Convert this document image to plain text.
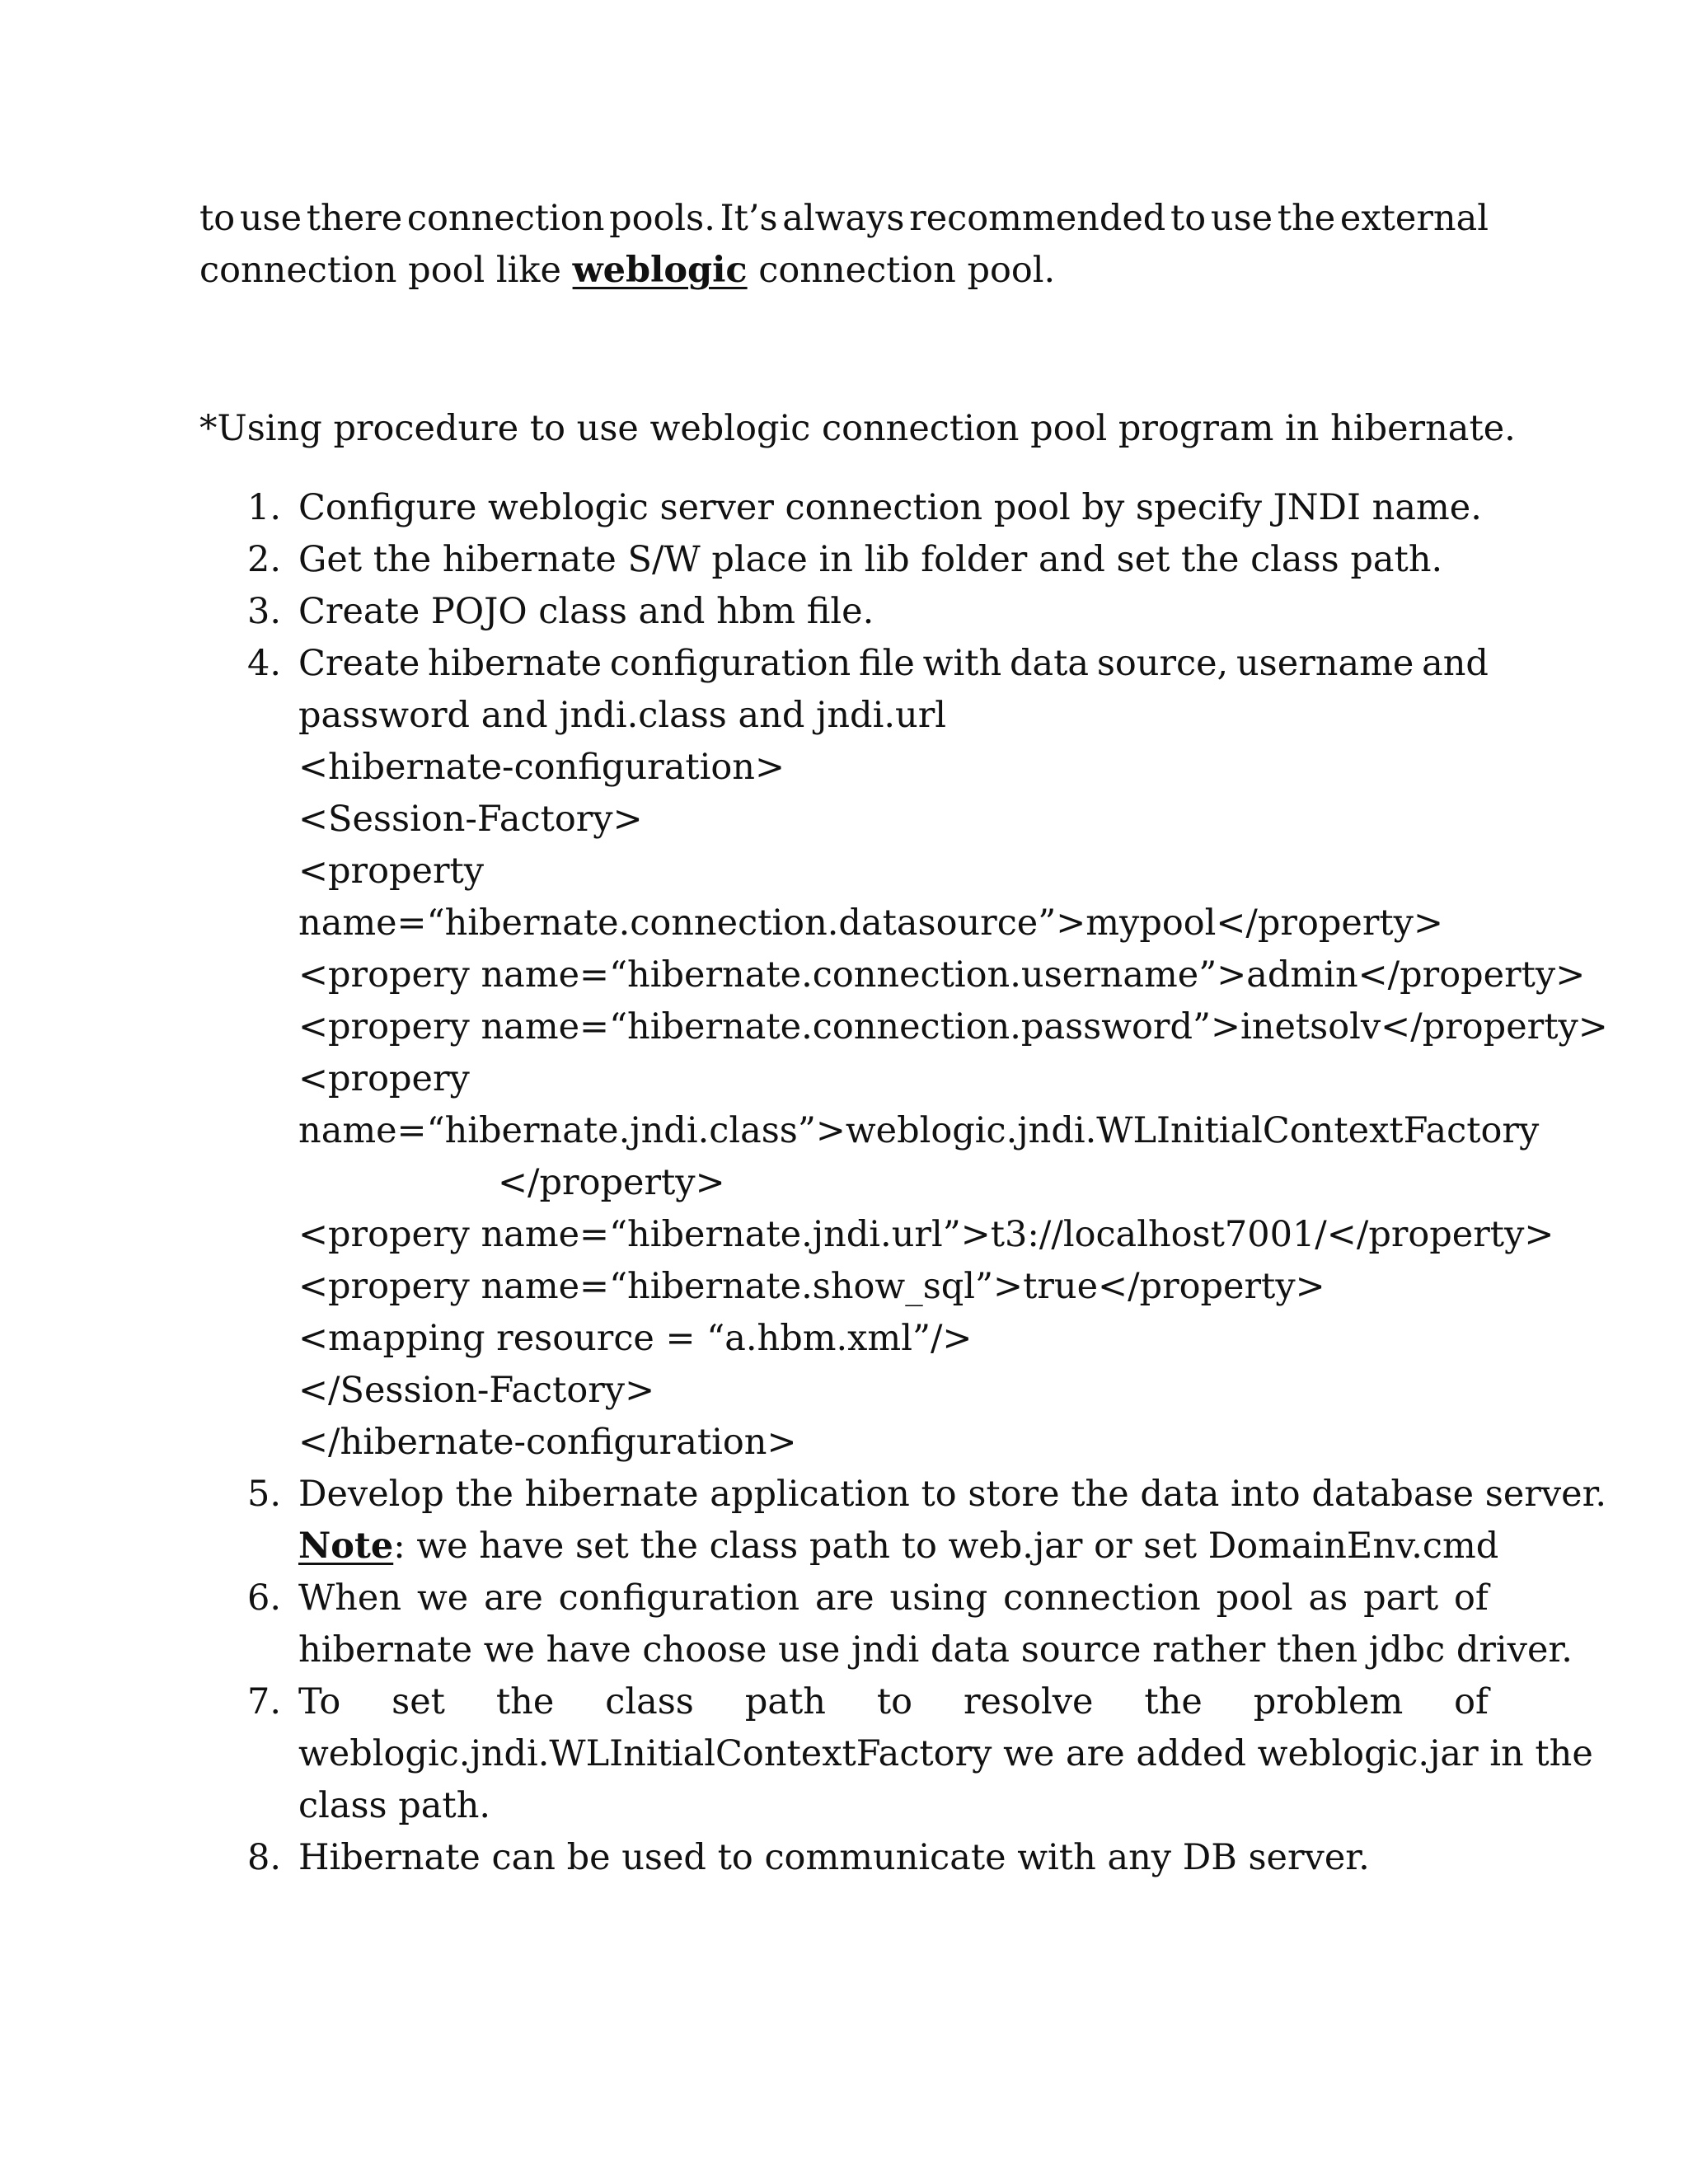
to use there connection pools. It’s always recommended to use the external
connection pool like weblogic connection pool.
*Using procedure to use weblogic connection pool program in hibernate.
1. Configure weblogic server connection pool by specify JNDI name.
2. Get the hibernate S/W place in lib folder and set the class path.
3. Create POJO class and hbm file.
4. Create hibernate configuration file with data source, username and
password and jndi.class and jndi.url
<hibernate-configuration>
<Session-Factory>
<property
name=“hibernate.connection.datasource”>mypool</property>
<propery name=“hibernate.connection.username”>admin</property>
<propery name=“hibernate.connection.password”>inetsolv</property>
<propery
name=“hibernate.jndi.class”>weblogic.jndi.WLInitialContextFactory
</property>
<propery name=“hibernate.jndi.url”>t3://localhost7001/</property>
<propery name=“hibernate.show_sql”>true</property>
<mapping resource = “a.hbm.xml”/>
</Session-Factory>
</hibernate-configuration>
5. Develop the hibernate application to store the data into database server.
Note: we have set the class path to web.jar or set DomainEnv.cmd
6. When we are configuration are using connection pool as part of
hibernate we have choose use jndi data source rather then jdbc driver.
7. To set the class path to resolve the problem of
weblogic.jndi.WLInitialContextFactory we are added weblogic.jar in the
class path.
8. Hibernate can be used to communicate with any DB server.
